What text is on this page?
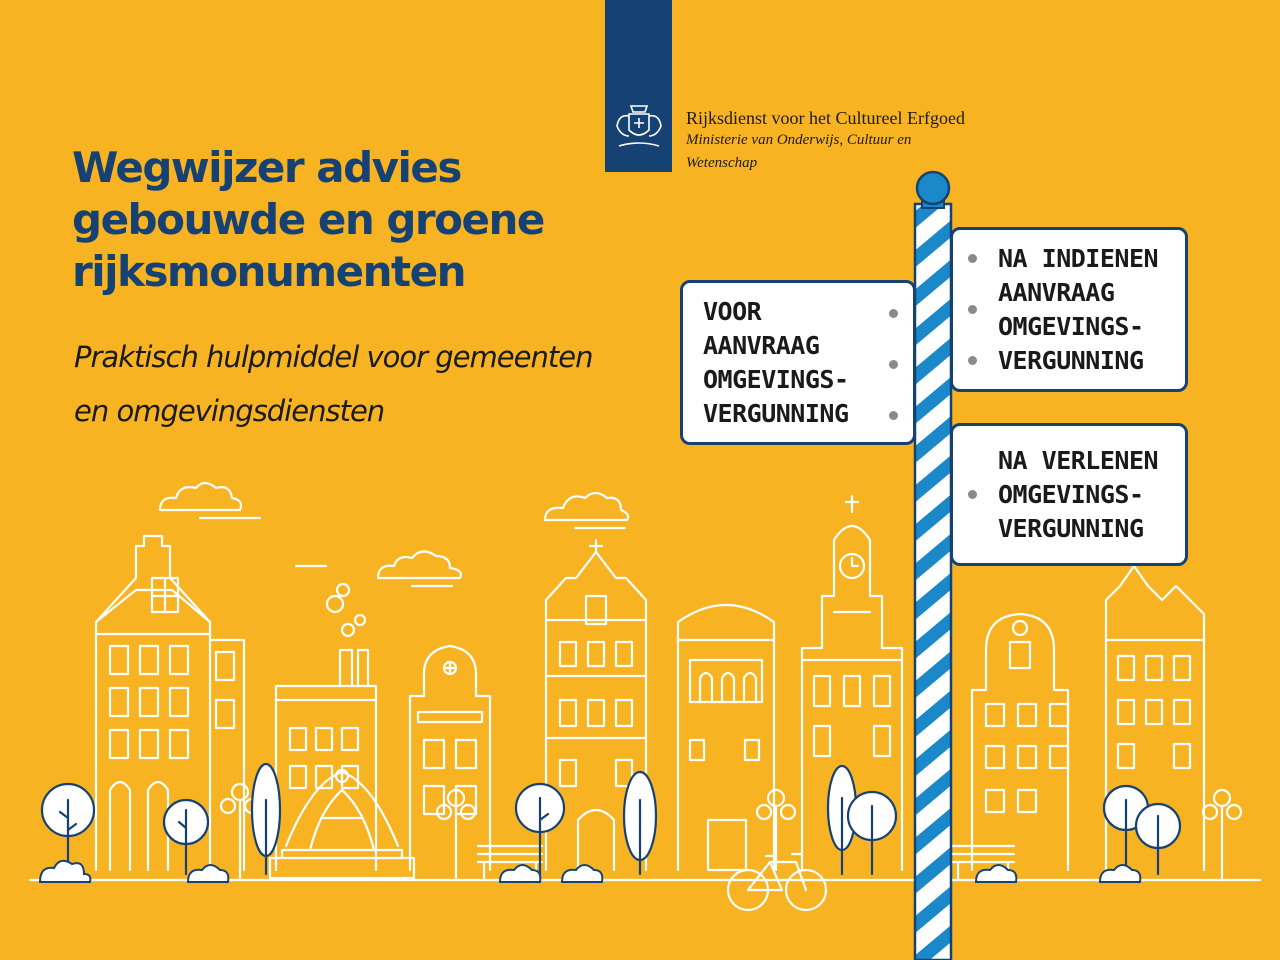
Rijksdienst voor het Cultureel Erfgoed
Ministerie van Onderwijs, Cultuur en Wetenschap
Wegwijzer advies gebouwde en groene rijksmonumenten

Praktisch hulpmiddel voor gemeenten en omgevingsdiensten

VOOR
AANVRAAG
OMGEVINGS-
VERGUNNING
NA INDIENEN
AANVRAAG
OMGEVINGS-
VERGUNNING
NA VERLENEN
OMGEVINGS-
VERGUNNING
